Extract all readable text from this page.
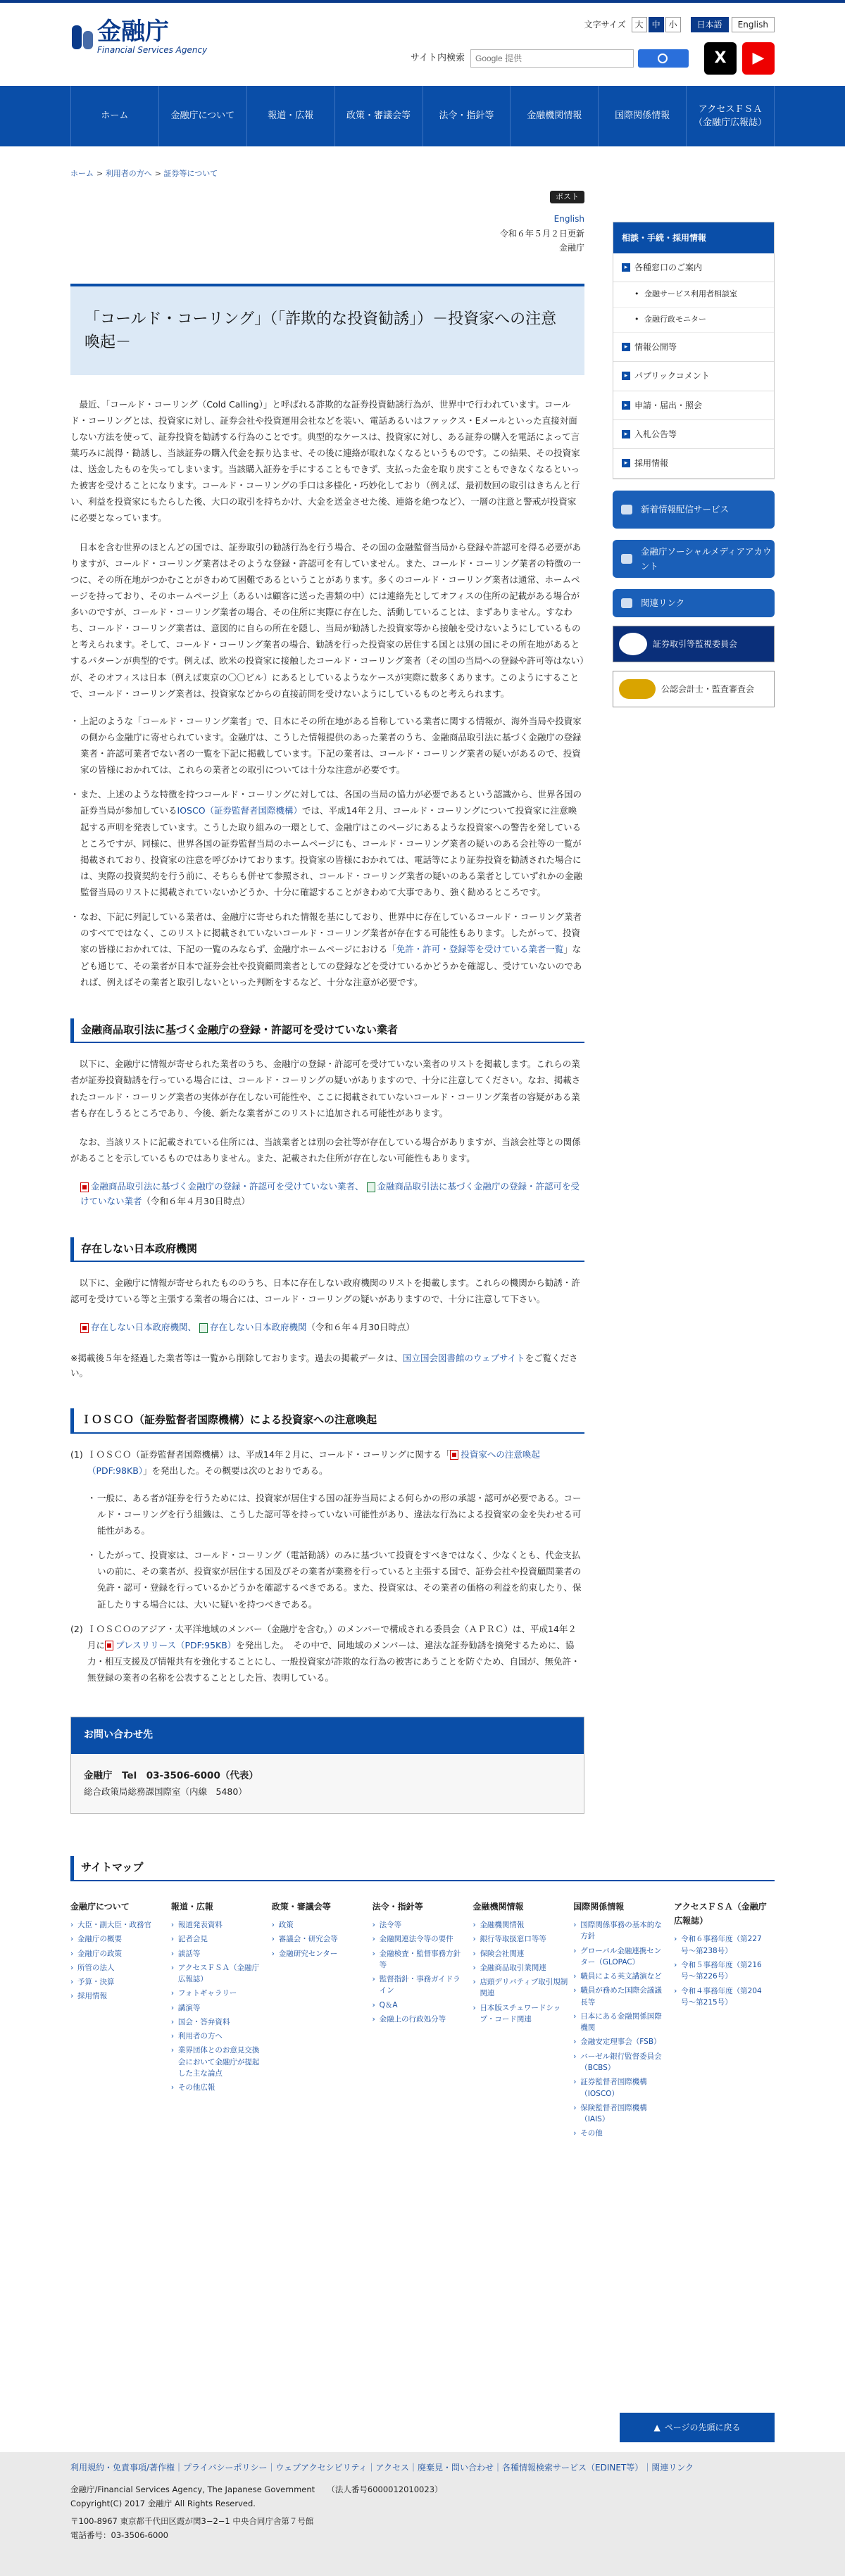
金融庁
Financial Services Agency
文字サイズ	大 中 小	日本語	English
サイト内検索
Google 提供	X	▶
ホーム	金融庁について	報道・広報	政策・審議会等	法令・指針等	金融機関情報	国際関係情報
アクセスＦＳＡ
（金融庁広報誌）
ホーム > 利用者の方へ > 証券等について
ポスト
English
令和６年５月２日更新
金融庁
「コールド・コーリング」（「詐欺的な投資勧誘」）－投資家への注意喚起－

最近、「コールド・コーリング（Cold Calling）」と呼ばれる詐欺的な証券投資勧誘行為が、世界中で行われています。コールド・コーリングとは、投資家に対し、証券会社や投資運用会社などを装い、電話あるいはファックス・Eメールといった直接対面しない方法を使って、証券投資を勧誘する行為のことです。典型的なケースは、投資家に対し、ある証券の購入を電話によって言葉巧みに説得・勧誘し、当該証券の購入代金を振り込ませ、その後に連絡が取れなくなるというものです。この結果、その投資家は、送金したものを失ってしまいます。当該購入証券を手にすることもできず、支払った金を取り戻すこともできなくなるといった被害を受けることになります。コールド・コーリングの手口は多様化・巧妙化しており（例えば、最初数回の取引はきちんと行い、利益を投資家にもたらした後、大口の取引を持ちかけ、大金を送金させた後、連絡を絶つなど）、一層の注意と警戒が投資家に必要となっています。

日本を含む世界のほとんどの国では、証券取引の勧誘行為を行う場合、その国の金融監督当局から登録や許認可を得る必要がありますが、コールド・コーリング業者はそのような登録・許認可を有していません。また、コールド・コーリング業者の特徴の一つに、その所在地がつかむことがきわめて困難であるということがあります。多くのコールド・コーリング業者は通常、ホームページを持っており、そのホームページ上（あるいは顧客に送った書類の中）には連絡先としてオフィスの住所の記載がある場合が多いのですが、コールド・コーリング業者の場合、その住所に実際に存在した、活動していることは、まずありません。すなわち、コールド・コーリング業者は、意図的に自らの所在を隠し、当局が勧誘した投資家等から接触を受けないようにしているものと考えられます。そして、コールド・コーリング業者の場合、勧誘を行った投資家の居住する国とは別の国にその所在地があるとするパターンが典型的です。例えば、欧米の投資家に接触したコールド・コーリング業者（その国の当局への登録や許可等はない）が、そのオフィスは日本（例えば東京の〇〇ビル）にあるとしているようなケースが実際に数多くあります。このようにすることで、コールド・コーリング業者は、投資家などからの直接訪問を受けないようにしているものと考えられます。

・ 上記のような「コールド・コーリング業者」で、日本にその所在地がある旨称している業者に関する情報が、海外当局や投資家の側から金融庁に寄せられています。金融庁は、こうした情報提供のあった業者のうち、金融商品取引法に基づく金融庁の登録業者・許認可業者でない者の一覧を下記に掲載しています。下記の業者は、コールド・コーリング業者の疑いがあるので、投資家の皆様におかれては、これらの業者との取引については十分な注意が必要です。
・ また、上述のような特徴を持つコールド・コーリングに対しては、各国の当局の協力が必要であるという認識から、世界各国の証券当局が参加しているIOSCO（証券監督者国際機構）では、平成14年２月、コールド・コーリングについて投資家に注意喚起する声明を発表しています。こうした取り組みの一環として、金融庁はこのページにあるような投資家への警告を発しているところですが、同様に、世界各国の証券監督当局のホームページにも、コールド・コーリング業者の疑いのある会社等の一覧が掲載されており、投資家の注意を呼びかけております。投資家の皆様におかれては、電話等により証券投資を勧誘された場合には、実際の投資契約を行う前に、そちらも併せて参照され、コールド・コーリング業者の疑いのある業者としていずれかの金融監督当局のリストに掲載されていないかどうか、十分に確認することがきわめて大事であり、強く勧めるところです。
・ なお、下記に列記している業者は、金融庁に寄せられた情報を基にしており、世界中に存在しているコールド・コーリング業者のすべてではなく、このリストに掲載されていないコールド・コーリング業者が存在する可能性もあります。したがって、投資家の皆様におかれては、下記の一覧のみならず、金融庁ホームページにおける「免許・許可・登録等を受けている業者一覧」なども通じて、その業者が日本で証券会社や投資顧問業者としての登録などを受けているかどうかを確認し、受けていないのであれば、例えばその業者と取引しないといった判断をするなど、十分な注意が必要です。
金融商品取引法に基づく金融庁の登録・許認可を受けていない業者

以下に、金融庁に情報が寄せられた業者のうち、金融庁の登録・許認可を受けていない業者のリストを掲載します。これらの業者が証券投資勧誘を行っている場合には、コールド・コーリングの疑いがありますので、十分に注意してください。なお、掲載されたコールド・コーリング業者の実体が存在しない可能性や、ここに掲載されていないコールド・コーリング業者の容疑がある業者も存在しうるところであり、今後、新たな業者がこのリストに追加される可能性があります。

なお、当該リストに記載されている住所には、当該業者とは別の会社等が存在している場合がありますが、当該会社等との関係があることを示しているものではありません。また、記載された住所が存在しない可能性もあります。

金融商品取引法に基づく金融庁の登録・許認可を受けていない業者、 金融商品取引法に基づく金融庁の登録・許認可を受けていない業者（令和６年４月30日時点）
存在しない日本政府機関

以下に、金融庁に情報が寄せられたもののうち、日本に存在しない政府機関のリストを掲載します。これらの機関から勧誘・許認可を受けている等と主張する業者の場合には、コールド・コーリングの疑いがありますので、十分に注意して下さい。

存在しない日本政府機関、 存在しない日本政府機関（令和６年４月30日時点）

※掲載後５年を経過した業者等は一覧から削除しております。過去の掲載データは、国立国会図書館のウェブサイトをご覧ください。

ＩＯＳＣＯ（証券監督者国際機構）による投資家への注意喚起
(1) ＩＯＳＣＯ（証券監督者国際機構）は、平成14年２月に、コールド・コーリングに関する「 投資家への注意喚起（PDF:98KB）」を発出した。その概要は次のとおりである。
・ 一般に、ある者が証券を行うためには、投資家が居住する国の証券当局による何らかの形の承認・認可が必要である。コールド・コーリングを行う組織は、こうした認可等を持っていない可能性があり、違法な行為による投資家の金を失わせる可能性がある。
・ したがって、投資家は、コールド・コーリング（電話勧誘）のみに基づいて投資をすべきではなく、少なくとも、代金支払いの前に、その業者が、投資家が居住する国及びその業者が業務を行っていると主張する国で、証券会社や投資顧問業者の免許・認可・登録を行っているかどうかを確認するべきである。また、投資家は、その業者の価格の利益を約束したり、保証したりする場合には、大いに疑いを持つべきである。
(2) ＩＯＳＣＯのアジア・太平洋地域のメンバー（金融庁を含む。）のメンバーで構成される委員会（ＡＰＲＣ）は、平成14年２月に プレスリリース（PDF:95KB）を発出した。　その中で、同地域のメンバーは、違法な証券勧誘を摘発するために、協力・相互支援及び情報共有を強化することにし、一般投資家が詐欺的な行為の被害にあうことを防ぐため、自国が、無免許・無登録の業者の名称を公表することとした旨、表明している。
お問い合わせ先
金融庁　Tel　03-3506-6000（代表）
総合政策局総務課国際室（内線　5480）
相談・手続・採用情報
▸ 各種窓口のご案内
• 金融サービス利用者相談室
• 金融行政モニター
▸ 情報公開等
▸ パブリックコメント
▸ 申請・届出・照会
▸ 入札公告等
▸ 採用情報
新着情報配信サービス
金融庁ソーシャルメディアアカウント
関連リンク
証券取引等監視委員会
公認会計士・監査審査会
サイトマップ
金融庁について
› 大臣・副大臣・政務官
› 金融庁の概要
› 金融庁の政策
› 所管の法人
› 予算・決算
› 採用情報
報道・広報
› 報道発表資料
› 記者会見
› 談話等
› アクセスＦＳＡ（金融庁広報誌）
› フォトギャラリー
› 講演等
› 国会・答弁資料
› 利用者の方へ
› 業界団体とのお意見交換会において金融庁が提起した主な論点
› その他広報
政策・審議会等
› 政策
› 審議会・研究会等
› 金融研究センター
法令・指針等
› 法令等
› 金融関連法令等の要件
› 金融検査・監督事務方針等
› 監督指針・事務ガイドライン
› Q＆A
› 金融上の行政処分等
金融機関情報
› 金融機関情報
› 銀行等取扱窓口等等
› 保険会社関連
› 金融商品取引業関連
› 店頭デリバティブ取引規制関連
› 日本版スチュワードシップ・コード関連
国際関係情報
› 国際関係事務の基本的な方針
› グローバル金融連携センター（GLOPAC）
› 職員による英文講演など
› 職員が務めた国際会議議長等
› 日本にある金融関係国際機関
› 金融安定理事会（FSB）
› バーゼル銀行監督委員会（BCBS）
› 証券監督者国際機構（IOSCO）
› 保険監督者国際機構（IAIS）
› その他
アクセスＦＳＡ（金融庁広報誌）
› 令和６事務年度（第227号〜第238号）
› 令和５事務年度（第216号〜第226号）
› 令和４事務年度（第204号〜第215号）
▲ ページの先頭に戻る
利用規約・免責事項/著作権｜プライバシーポリシー｜ウェブアクセシビリティ｜アクセス｜廃棄見・問い合わせ｜各種情報検索サービス（EDINET等）｜関連リンク
金融庁/Financial Services Agency, The Japanese Government　　（法人番号6000012010023）
Copyright(C) 2017 金融庁 All Rights Reserved.
〒100-8967 東京都千代田区霞が関3−2−1 中央合同庁舎第７号館
電話番号：03-3506-6000
